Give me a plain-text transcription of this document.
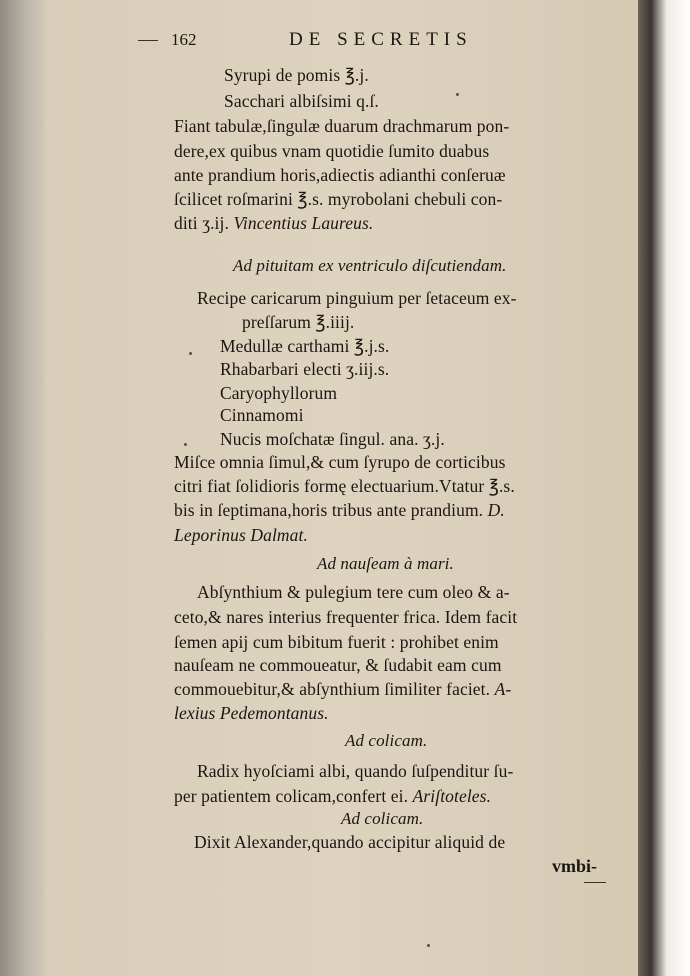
162	DE SECRETIS
Syrupi de pomis ℥.j.
Sacchari albiſsimi q.ſ.
Fiant tabulæ,ſingulæ duarum drachmarum pon-
dere,ex quibus vnam quotidie ſumito duabus
ante prandium horis,adiectis adianthi conſeruæ
ſcilicet roſmarini ℥.s. myrobolani chebuli con-
diti ʒ.ij. Vincentius Laureus.
Ad pituitam ex ventriculo diſcutiendam.
Recipe caricarum pinguium per ſetaceum ex-
preſſarum ℥.iiij.
Medullæ carthami ℥.j.s.
Rhabarbari electi ʒ.iij.s.
Caryophyllorum
Cinnamomi
Nucis moſchatæ ſingul. ana. ʒ.j.
Miſce omnia ſimul,& cum ſyrupo de corticibus
citri fiat ſolidioris formę electuarium.Vtatur ℥.s.
bis in ſeptimana,horis tribus ante prandium. D.
Leporinus Dalmat.
Ad nauſeam à mari.
Abſynthium & pulegium tere cum oleo & a-
ceto,& nares interius frequenter frica. Idem facit
ſemen apij cum bibitum fuerit : prohibet enim
nauſeam ne commoueatur, & ſudabit eam cum
commouebitur,& abſynthium ſimiliter faciet. A-
lexius Pedemontanus.
Ad colicam.
Radix hyoſciami albi, quando ſuſpenditur ſu-
per patientem colicam,confert ei. Ariſtoteles.
Ad colicam.
Dixit Alexander,quando accipitur aliquid de
vmbi-
